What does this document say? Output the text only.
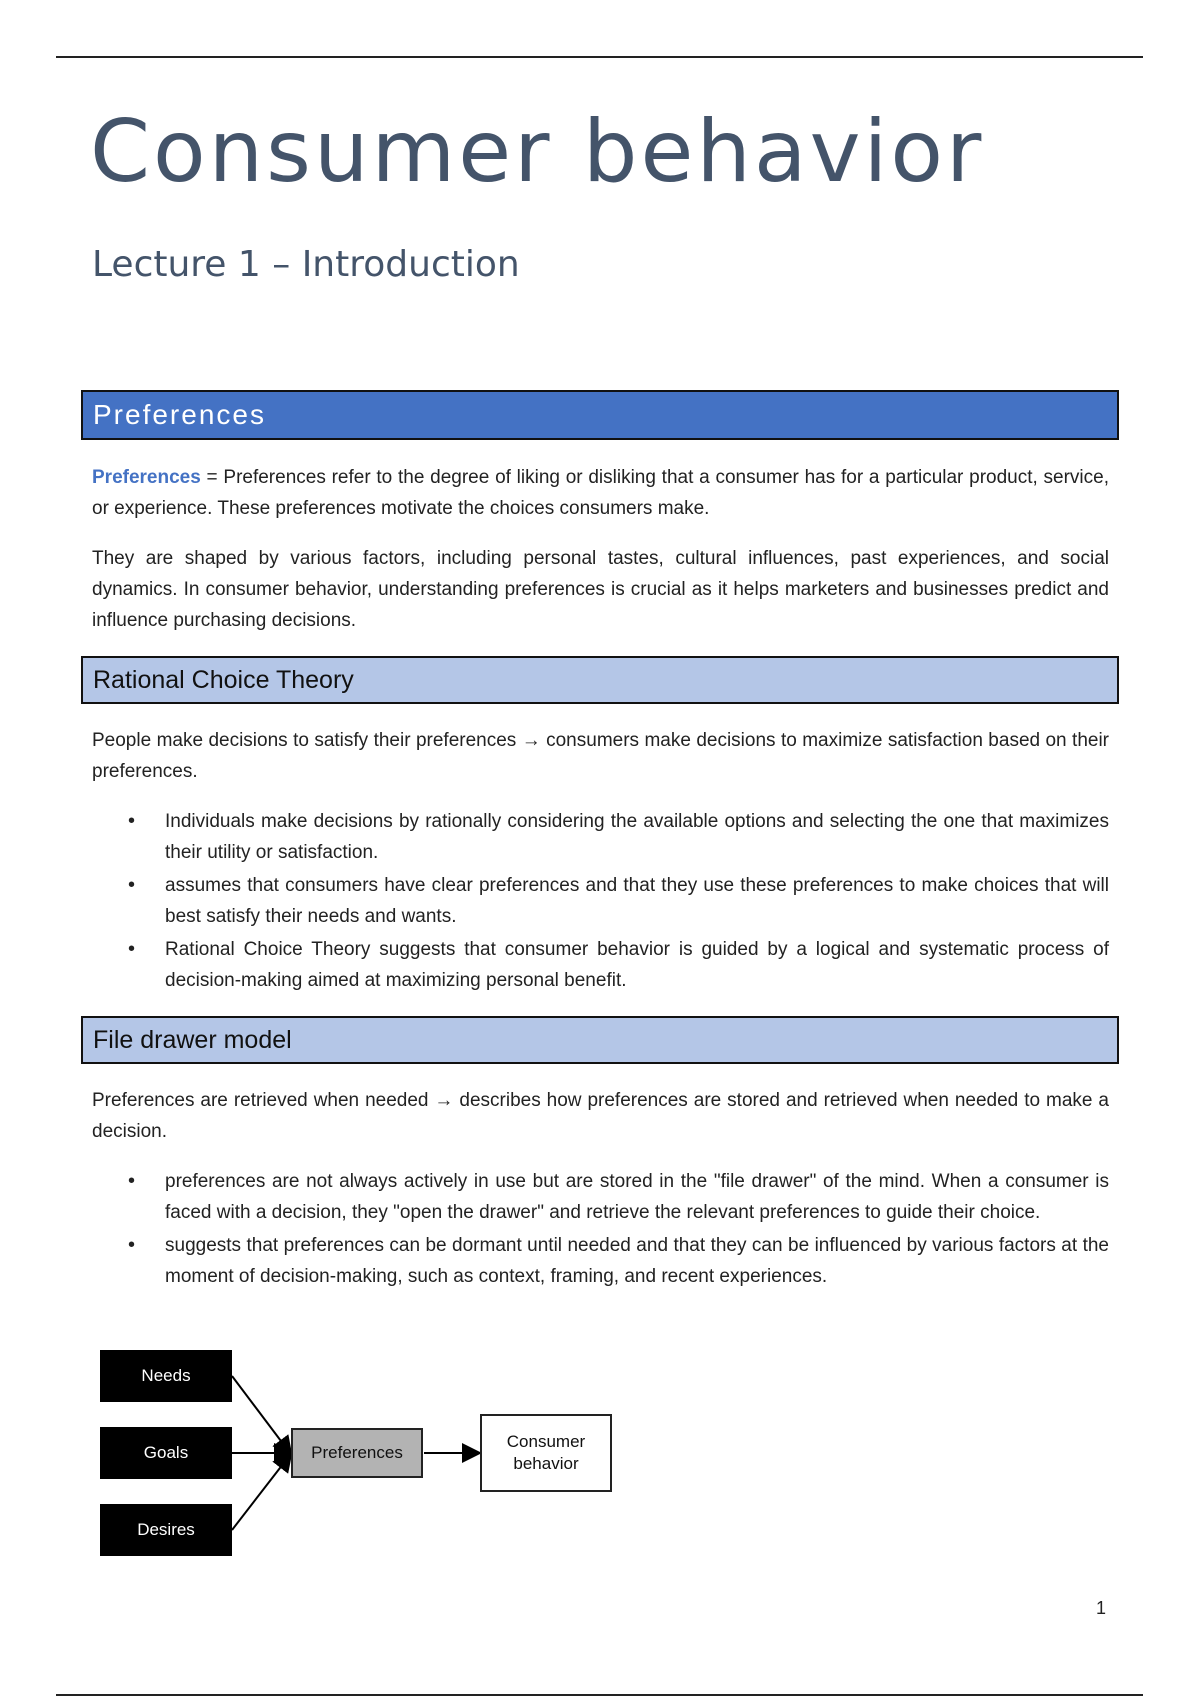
Consumer behavior
Lecture 1 – Introduction
Preferences
Preferences = Preferences refer to the degree of liking or disliking that a consumer has for a particular product, service, or experience. These preferences motivate the choices consumers make.
They are shaped by various factors, including personal tastes, cultural influences, past experiences, and social dynamics. In consumer behavior, understanding preferences is crucial as it helps marketers and businesses predict and influence purchasing decisions.
Rational Choice Theory
People make decisions to satisfy their preferences → consumers make decisions to maximize satisfaction based on their preferences.
• Individuals make decisions by rationally considering the available options and selecting the one that maximizes their utility or satisfaction.
• assumes that consumers have clear preferences and that they use these preferences to make choices that will best satisfy their needs and wants.
• Rational Choice Theory suggests that consumer behavior is guided by a logical and systematic process of decision-making aimed at maximizing personal benefit.
File drawer model
Preferences are retrieved when needed → describes how preferences are stored and retrieved when needed to make a decision.
• preferences are not always actively in use but are stored in the "file drawer" of the mind. When a consumer is faced with a decision, they "open the drawer" and retrieve the relevant preferences to guide their choice.
• suggests that preferences can be dormant until needed and that they can be influenced by various factors at the moment of decision-making, such as context, framing, and recent experiences.
Needs
Goals
Desires
Preferences
Consumer
behavior
1
